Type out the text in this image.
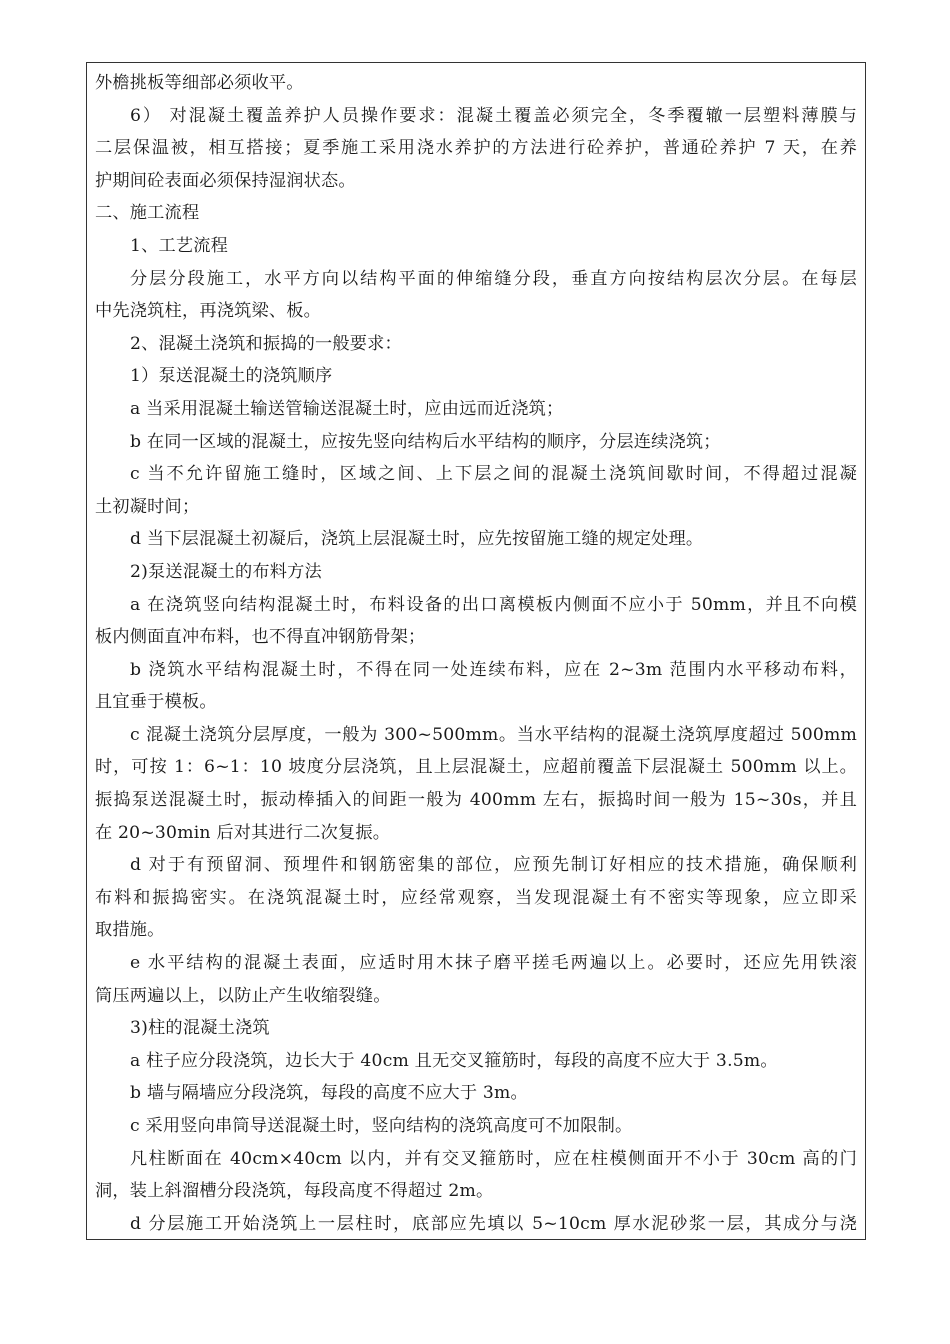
外檐挑板等细部必须收平。
6） 对混凝土覆盖养护人员操作要求：混凝土覆盖必须完全，冬季覆辙一层塑料薄膜与
二层保温被，相互搭接；夏季施工采用浇水养护的方法进行砼养护，普通砼养护 7 天，在养
护期间砼表面必须保持湿润状态。
二、施工流程
1、工艺流程
分层分段施工，水平方向以结构平面的伸缩缝分段，垂直方向按结构层次分层。在每层
中先浇筑柱，再浇筑梁、板。
2、混凝土浇筑和振捣的一般要求：
1）泵送混凝土的浇筑顺序
a 当采用混凝土输送管输送混凝土时，应由远而近浇筑；
b 在同一区域的混凝土，应按先竖向结构后水平结构的顺序，分层连续浇筑；
c 当不允许留施工缝时，区域之间、上下层之间的混凝土浇筑间歇时间，不得超过混凝
土初凝时间；
d 当下层混凝土初凝后，浇筑上层混凝土时，应先按留施工缝的规定处理。
2)泵送混凝土的布料方法
a 在浇筑竖向结构混凝土时，布料设备的出口离模板内侧面不应小于 50mm，并且不向模
板内侧面直冲布料，也不得直冲钢筋骨架；
b 浇筑水平结构混凝土时，不得在同一处连续布料，应在 2~3m 范围内水平移动布料，
且宜垂于模板。
c 混凝土浇筑分层厚度，一般为 300~500mm。当水平结构的混凝土浇筑厚度超过 500mm
时，可按 1：6~1：10 坡度分层浇筑，且上层混凝土，应超前覆盖下层混凝土 500mm 以上。
振捣泵送混凝土时，振动棒插入的间距一般为 400mm 左右，振捣时间一般为 15~30s，并且
在 20~30min 后对其进行二次复振。
d 对于有预留洞、预埋件和钢筋密集的部位，应预先制订好相应的技术措施，确保顺利
布料和振捣密实。在浇筑混凝土时，应经常观察，当发现混凝土有不密实等现象，应立即采
取措施。
e 水平结构的混凝土表面，应适时用木抹子磨平搓毛两遍以上。必要时，还应先用铁滚
筒压两遍以上，以防止产生收缩裂缝。
3)柱的混凝土浇筑
a 柱子应分段浇筑，边长大于 40cm 且无交叉箍筋时，每段的高度不应大于 3.5m。
b 墙与隔墙应分段浇筑，每段的高度不应大于 3m。
c 采用竖向串筒导送混凝土时，竖向结构的浇筑高度可不加限制。
凡柱断面在 40cm×40cm 以内，并有交叉箍筋时，应在柱模侧面开不小于 30cm 高的门
洞，装上斜溜槽分段浇筑，每段高度不得超过 2m。
d 分层施工开始浇筑上一层柱时，底部应先填以 5~10cm 厚水泥砂浆一层，其成分与浇
